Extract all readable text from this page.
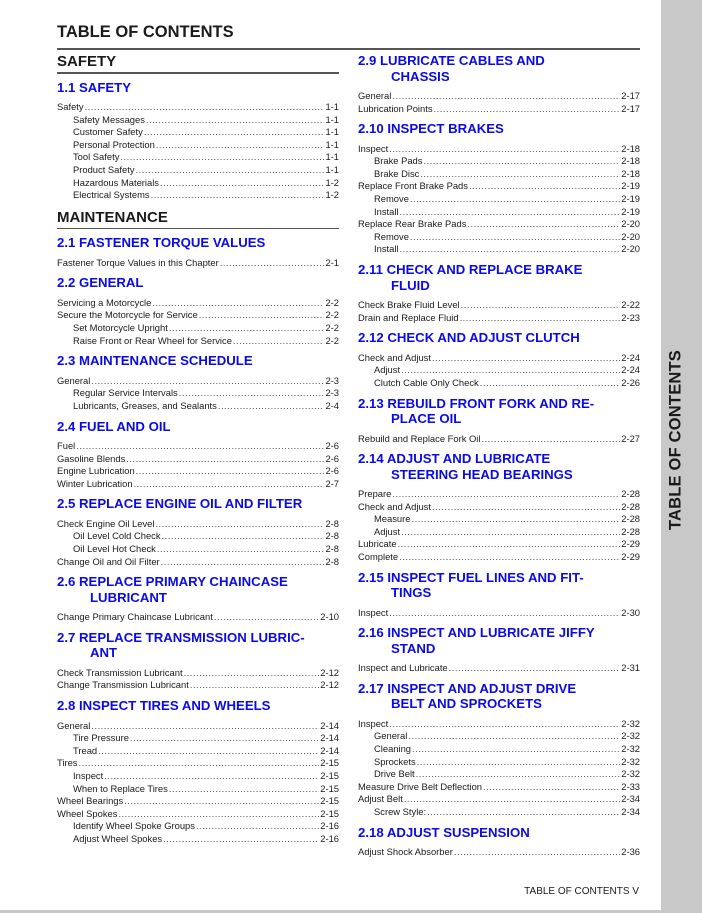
TABLE OF CONTENTS
SAFETY
1.1 SAFETY
Safety .....	1-1
Safety Messages .....	1-1
Customer Safety .....	1-1
Personal Protection .....	1-1
Tool Safety .....	1-1
Product Safety .....	1-1
Hazardous Materials .....	1-2
Electrical Systems .....	1-2
MAINTENANCE
2.1 FASTENER TORQUE VALUES
Fastener Torque Values in this Chapter .....	2-1
2.2 GENERAL
Servicing a Motorcycle .....	2-2
Secure the Motorcycle for Service .....	2-2
Set Motorcycle Upright .....	2-2
Raise Front or Rear Wheel for Service .....	2-2
2.3 MAINTENANCE SCHEDULE
General .....	2-3
Regular Service Intervals .....	2-3
Lubricants, Greases, and Sealants .....	2-4
2.4 FUEL AND OIL
Fuel .....	2-6
Gasoline Blends .....	2-6
Engine Lubrication .....	2-6
Winter Lubrication .....	2-7
2.5 REPLACE ENGINE OIL AND FILTER
Check Engine Oil Level .....	2-8
Oil Level Cold Check .....	2-8
Oil Level Hot Check .....	2-8
Change Oil and Oil Filter .....	2-8
2.6 REPLACE PRIMARY CHAINCASE
LUBRICANT
Change Primary Chaincase Lubricant .....	2-10
2.7 REPLACE TRANSMISSION LUBRIC-
ANT
Check Transmission Lubricant .....	2-12
Change Transmission Lubricant .....	2-12
2.8 INSPECT TIRES AND WHEELS
General .....	2-14
Tire Pressure .....	2-14
Tread .....	2-14
Tires .....	2-15
Inspect .....	2-15
When to Replace Tires .....	2-15
Wheel Bearings .....	2-15
Wheel Spokes .....	2-15
Identify Wheel Spoke Groups .....	2-16
Adjust Wheel Spokes .....	2-16
2.9 LUBRICATE CABLES AND
CHASSIS
General .....	2-17
Lubrication Points .....	2-17
2.10 INSPECT BRAKES
Inspect .....	2-18
Brake Pads .....	2-18
Brake Disc .....	2-18
Replace Front Brake Pads .....	2-19
Remove .....	2-19
Install .....	2-19
Replace Rear Brake Pads .....	2-20
Remove .....	2-20
Install .....	2-20
2.11 CHECK AND REPLACE BRAKE
FLUID
Check Brake Fluid Level .....	2-22
Drain and Replace Fluid .....	2-23
2.12 CHECK AND ADJUST CLUTCH
Check and Adjust .....	2-24
Adjust .....	2-24
Clutch Cable Only Check .....	2-26
2.13 REBUILD FRONT FORK AND RE-
PLACE OIL
Rebuild and Replace Fork Oil .....	2-27
2.14 ADJUST AND LUBRICATE
STEERING HEAD BEARINGS
Prepare .....	2-28
Check and Adjust .....	2-28
Measure .....	2-28
Adjust .....	2-28
Lubricate .....	2-29
Complete .....	2-29
2.15 INSPECT FUEL LINES AND FIT-
TINGS
Inspect .....	2-30
2.16 INSPECT AND LUBRICATE JIFFY
STAND
Inspect and Lubricate .....	2-31
2.17 INSPECT AND ADJUST DRIVE
BELT AND SPROCKETS
Inspect .....	2-32
General .....	2-32
Cleaning .....	2-32
Sprockets .....	2-32
Drive Belt .....	2-32
Measure Drive Belt Deflection .....	2-33
Adjust Belt .....	2-34
Screw Style: .....	2-34
2.18 ADJUST SUSPENSION
Adjust Shock Absorber .....	2-36
TABLE OF CONTENTS V
TABLE OF CONTENTS
